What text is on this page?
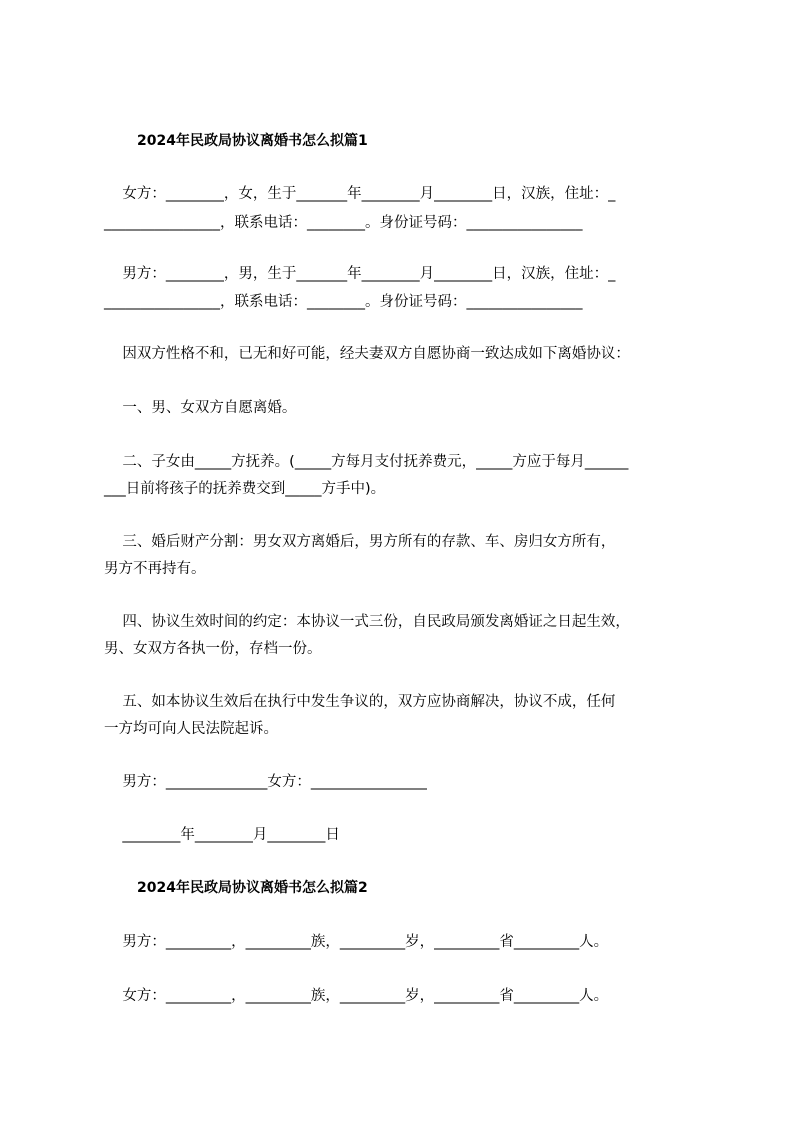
2024年民政局协议离婚书怎么拟篇1
女方：________，女，生于_______年________月________日，汉族，住址：_
________________，联系电话：________。身份证号码：________________
男方：________，男，生于_______年________月________日，汉族，住址：_
________________，联系电话：________。身份证号码：________________
因双方性格不和，已无和好可能，经夫妻双方自愿协商一致达成如下离婚协议：
一、男、女双方自愿离婚。
二、子女由_____方抚养。(_____方每月支付抚养费元，_____方应于每月______
___日前将孩子的抚养费交到_____方手中)。
三、婚后财产分割：男女双方离婚后，男方所有的存款、车、房归女方所有，
男方不再持有。
四、协议生效时间的约定：本协议一式三份，自民政局颁发离婚证之日起生效，
男、女双方各执一份，存档一份。
五、如本协议生效后在执行中发生争议的，双方应协商解决，协议不成，任何
一方均可向人民法院起诉。
男方：______________女方：________________
________年________月________日
2024年民政局协议离婚书怎么拟篇2
男方：_________，_________族，_________岁，_________省_________人。
女方：_________，_________族，_________岁，_________省_________人。
